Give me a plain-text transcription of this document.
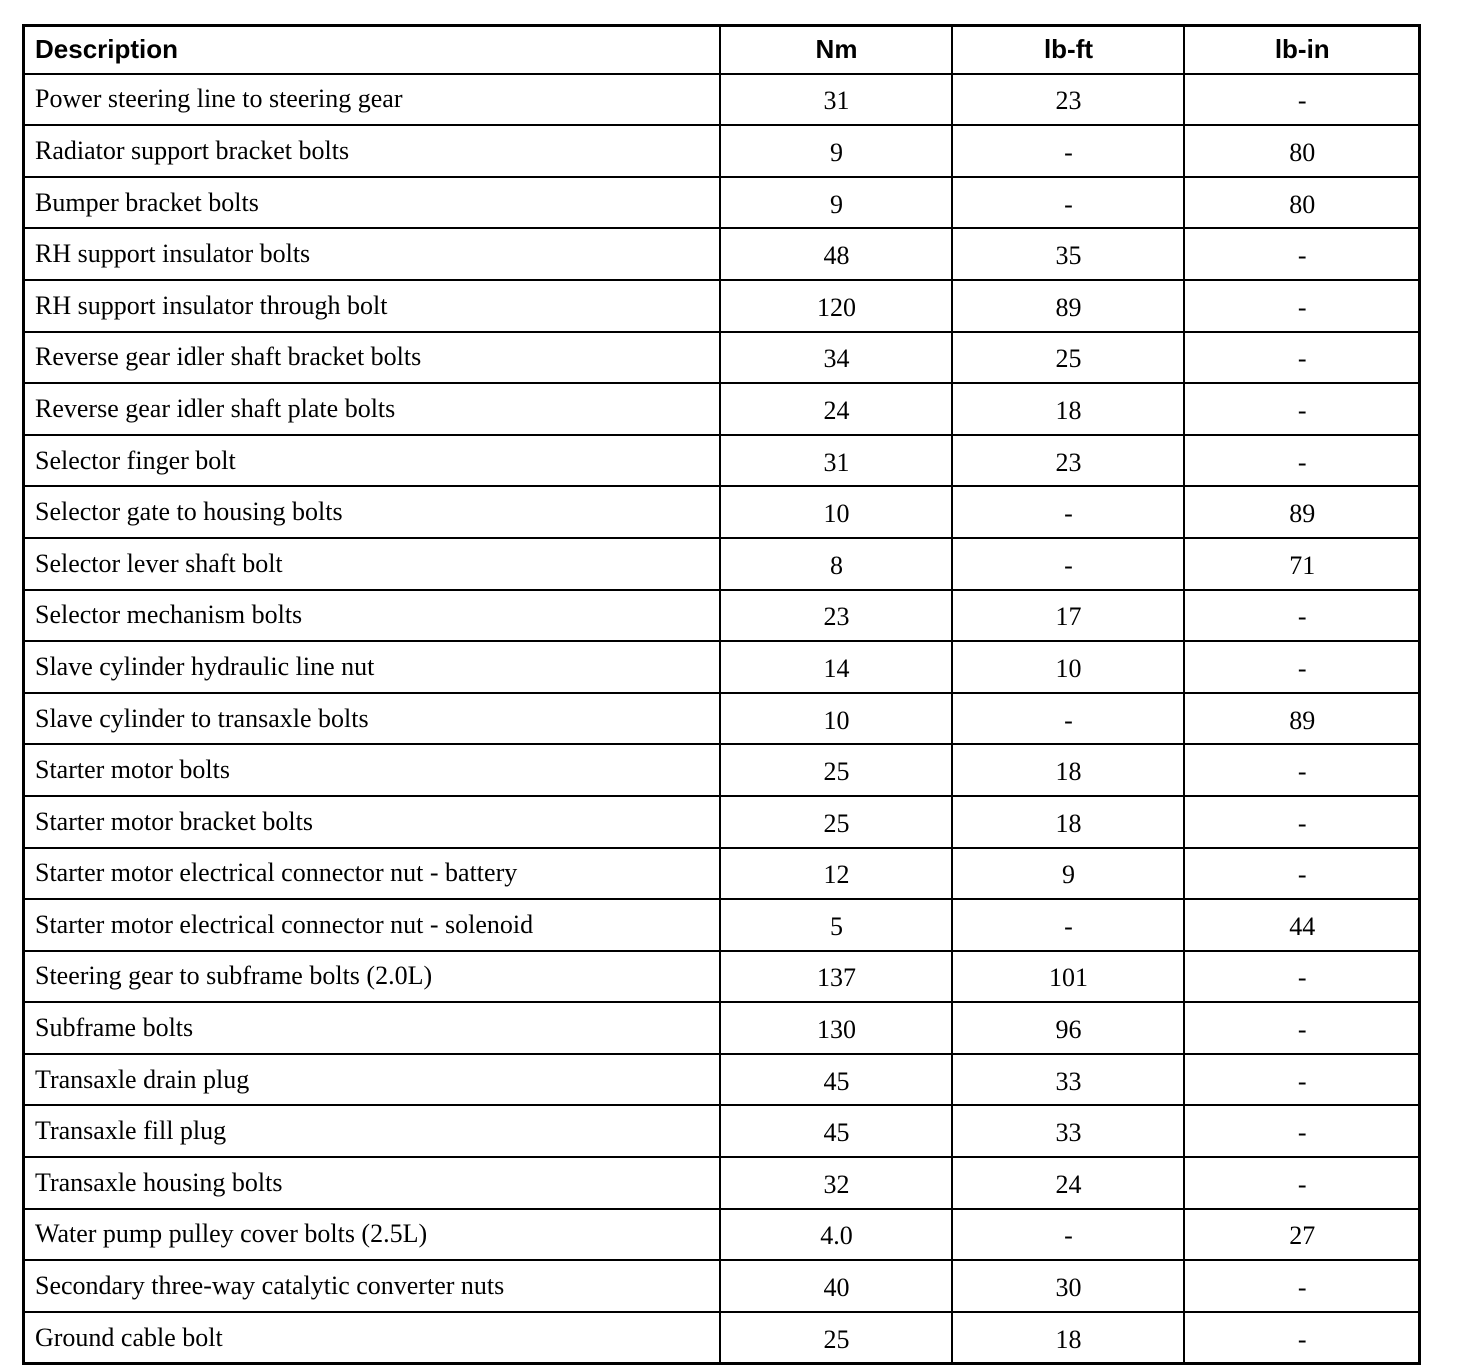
Description	Nm	lb-ft	lb-in
Power steering line to steering gear	31	23	-
Radiator support bracket bolts	9	-	80
Bumper bracket bolts	9	-	80
RH support insulator bolts	48	35	-
RH support insulator through bolt	120	89	-
Reverse gear idler shaft bracket bolts	34	25	-
Reverse gear idler shaft plate bolts	24	18	-
Selector finger bolt	31	23	-
Selector gate to housing bolts	10	-	89
Selector lever shaft bolt	8	-	71
Selector mechanism bolts	23	17	-
Slave cylinder hydraulic line nut	14	10	-
Slave cylinder to transaxle bolts	10	-	89
Starter motor bolts	25	18	-
Starter motor bracket bolts	25	18	-
Starter motor electrical connector nut - battery	12	9	-
Starter motor electrical connector nut - solenoid	5	-	44
Steering gear to subframe bolts (2.0L)	137	101	-
Subframe bolts	130	96	-
Transaxle drain plug	45	33	-
Transaxle fill plug	45	33	-
Transaxle housing bolts	32	24	-
Water pump pulley cover bolts (2.5L)	4.0	-	27
Secondary three-way catalytic converter nuts	40	30	-
Ground cable bolt	25	18	-
